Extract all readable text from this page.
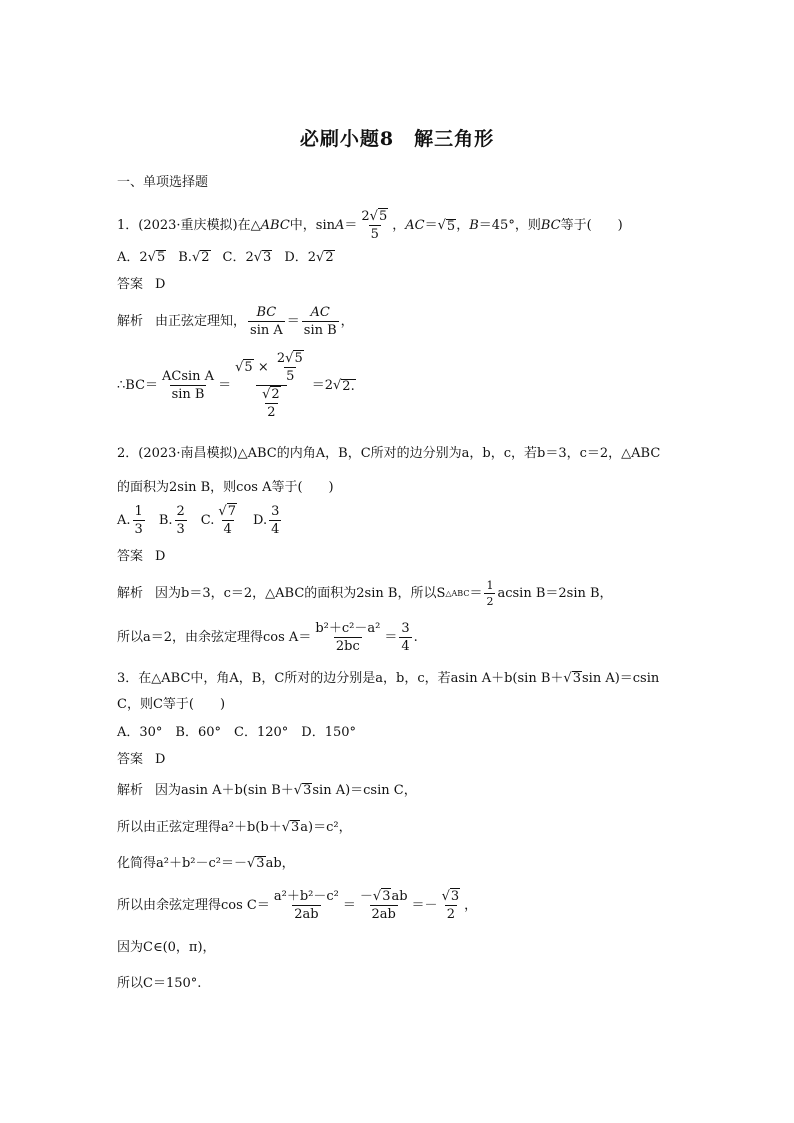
必刷小题8　解三角形
一、单项选择题
1．(2023·重庆模拟)在△ ABC 中，$\sin A = \frac{2√5}{5}$ ， AC ＝ √ 5 ， B ＝45°，则 BC 等于(　　)
A．2 √ 5 B. √ 2 C．2 √ 3 D．2 √ 2
答案 D
解析 由正弦定理知， $\frac{BC}{\text{sin A}} = \frac{AC}{\text{sin B}}$ ，
∴BC＝ $\frac{\text{ACsin A}}{\text{sin B}} = \frac{√5 \times \frac{2√5}{5}}{\frac{√2}{2}} =2$ √ 2.
2．(2023·南昌模拟)△ABC的内角A，B，C所对的边分别为a，b，c，若b＝3，c＝2，△ABC
的面积为2sin B，则cos A等于(　　)
A. $\frac{1}{3} B$. $\frac{2}{3} C$. $\frac{√7}{4} D$. $\frac{3}{4}$
答案 D
解析 因为b＝3，c＝2，△ABC的面积为2sin B，所以S △ABC ＝ $\frac{1}{2}$ acsin B＝2sin B，
所以a＝2，由余弦定理得$\cos A= \frac{\text{b²＋c²－a²}}{2bc} = \frac{3}{4}$ .
3．在△ABC中，角A，B，C所对的边分别是a，b，c，若asin A＋b(sin B＋ √ 3 sin A)＝csin
C，则C等于(　　)
A．30°　B．60°　C．120°　D．150°
答案 D
解析 因为asin A＋b(sin B＋ √ 3 sin A)＝csin C，
所以由正弦定理得a²＋b(b＋ √ 3 a)＝c²，
化简得a²＋b²－c²＝－ √ 3 ab，
所以由余弦定理得$\cos C= \frac{\text{a²＋b²－c²}}{2ab} = \frac{-√3ab}{2ab} =- \frac{√3}{2}$ ，
因为C∈(0，π)，
所以C＝150°.
